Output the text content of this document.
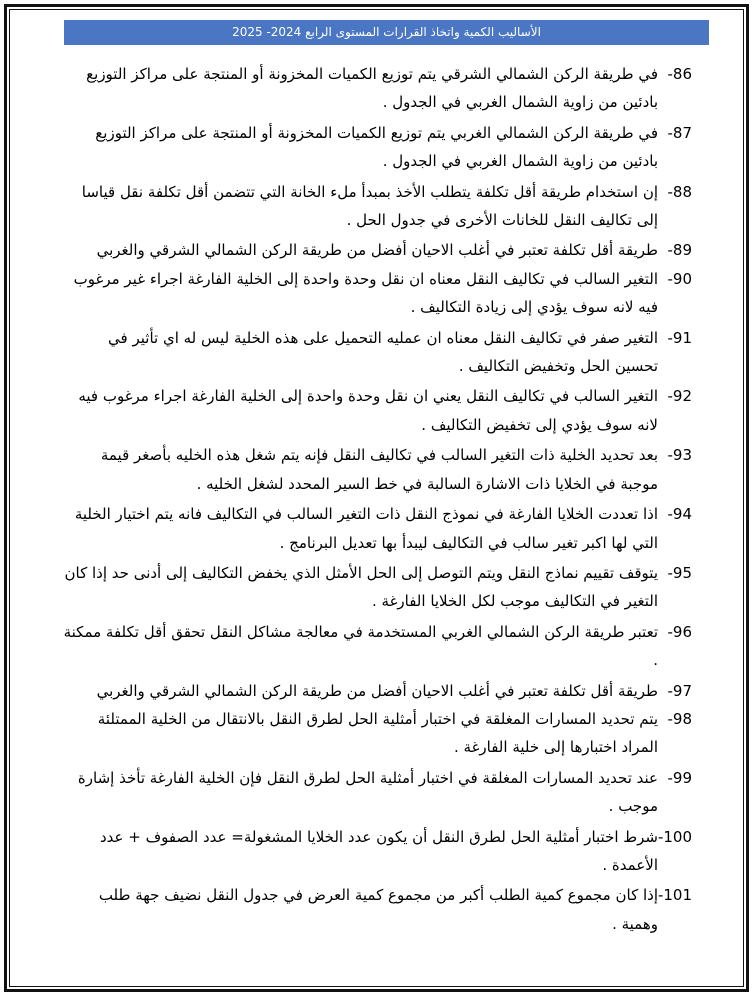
الأساليب الكمية واتخاذ القرارات المستوى الرابع 2024- 2025
86-
في طريقة الركن الشمالي الشرقي يتم توزيع الكميات المخزونة أو المنتجة على مراكز التوزيع بادئين من زاوية الشمال الغربي في الجدول .
87-
في طريقة الركن الشمالي الغربي يتم توزيع الكميات المخزونة أو المنتجة على مراكز التوزيع بادئين من زاوية الشمال الغربي في الجدول .
88-
إن استخدام طريقة أقل تكلفة يتطلب الأخذ بمبدأ ملء الخانة التي تتضمن أقل تكلفة نقل قياسا إلى تكاليف النقل للخانات الأخرى في جدول الحل .
89-
طريقة أقل تكلفة تعتبر في أغلب الاحيان أفضل من طريقة الركن الشمالي الشرقي والغربي
90-
التغير السالب في تكاليف النقل معناه ان نقل وحدة واحدة إلى الخلية الفارغة اجراء غير مرغوب فيه لانه سوف يؤدي إلى زيادة التكاليف .
91-
التغير صفر في تكاليف النقل معناه ان عمليه التحميل على هذه الخلية ليس له اي تأثير في تحسين الحل وتخفيض التكاليف .
92-
التغير السالب في تكاليف النقل يعني ان نقل وحدة واحدة إلى الخلية الفارغة اجراء مرغوب فيه لانه سوف يؤدي إلى تخفيض التكاليف .
93-
بعد تحديد الخلية ذات التغير السالب في تكاليف النقل فإنه يتم شغل هذه الخليه بأصغر قيمة موجبة في الخلايا ذات الاشارة السالبة في خط السير المحدد لشغل الخليه .
94-
اذا تعددت الخلايا الفارغة في نموذج النقل ذات التغير السالب في التكاليف فانه يتم اختيار الخلية التي لها اكبر تغير سالب في التكاليف ليبدأ بها تعديل البرنامج .
95-
يتوقف تقييم نماذج النقل ويتم التوصل إلى الحل الأمثل الذي يخفض التكاليف إلى أدنى حد إذا كان التغير في التكاليف موجب لكل الخلايا الفارغة .
96-
تعتبر طريقة الركن الشمالي الغربي المستخدمة في معالجة مشاكل النقل تحقق أقل تكلفة ممكنة .
97-
طريقة أقل تكلفة تعتبر في أغلب الاحيان أفضل من طريقة الركن الشمالي الشرقي والغربي
98-
يتم تحديد المسارات المغلقة في اختبار أمثلية الحل لطرق النقل بالانتقال من الخلية الممتلئة المراد اختبارها إلى خلية الفارغة .
99-
عند تحديد المسارات المغلقة في اختبار أمثلية الحل لطرق النقل فإن الخلية الفارغة تأخذ إشارة موجب .
100-
شرط اختبار أمثلية الحل لطرق النقل أن يكون عدد الخلايا المشغولة= عدد الصفوف + عدد الأعمدة .
101-
إذا كان مجموع كمية الطلب أكبر من مجموع كمية العرض في جدول النقل نضيف جهة طلب وهمية .
